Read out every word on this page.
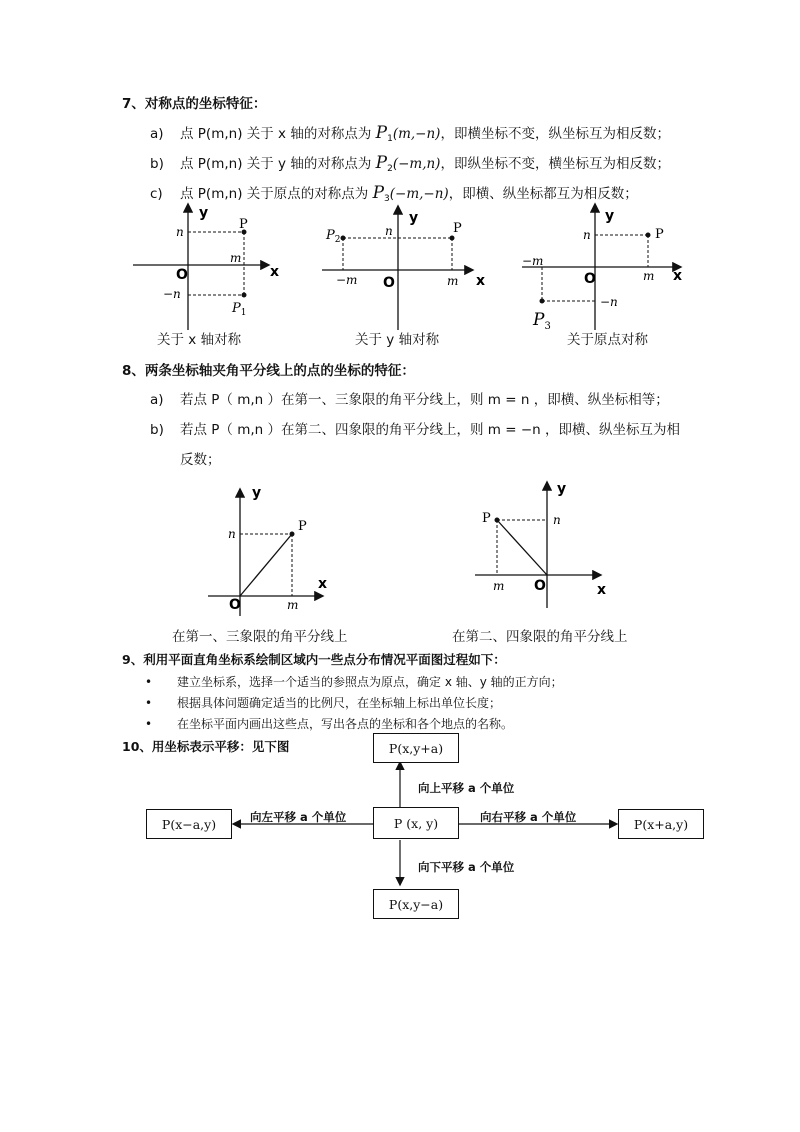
7、对称点的坐标特征：
a) 点 P(m,n) 关于 x 轴的对称点为 $P_1(m,-n)$，即横坐标不变，纵坐标互为相反数；
b) 点 P(m,n) 关于 y 轴的对称点为 $P_2(-m,n)$，即纵坐标不变，横坐标互为相反数；
c) 点 P(m,n) 关于原点的对称点为 $P_3(-m,-n)$，即横、纵坐标都互为相反数；
y
x
O
n
m
−n
P
$P_1$
y
x
O
n
m
−m
P
$P_2$
y
x
O
n
m
−m
−n
P
$P_3$
关于 x 轴对称	关于 y 轴对称	关于原点对称
8、两条坐标轴夹角平分线上的点的坐标的特征：
a) 若点 P（ m,n ）在第一、三象限的角平分线上，则 m = n ，即横、纵坐标相等；
b) 若点 P（ m,n ）在第二、四象限的角平分线上，则 m = −n ，即横、纵坐标互为相
反数；
y
x
O
n
m
P
y
x
O
n
m
P
在第一、三象限的角平分线上	在第二、四象限的角平分线上
9、利用平面直角坐标系绘制区域内一些点分布情况平面图过程如下：
• 建立坐标系，选择一个适当的参照点为原点，确定 x 轴、y 轴的正方向；
• 根据具体问题确定适当的比例尺，在坐标轴上标出单位长度；
• 在坐标平面内画出这些点，写出各点的坐标和各个地点的名称。
10、用坐标表示平移：见下图	P(x,y+a)
P (x, y)
P(x,y−a)
P(x−a,y)	P(x+a,y)
向上平移 a 个单位
向下平移 a 个单位
向左平移 a 个单位	向右平移 a 个单位
